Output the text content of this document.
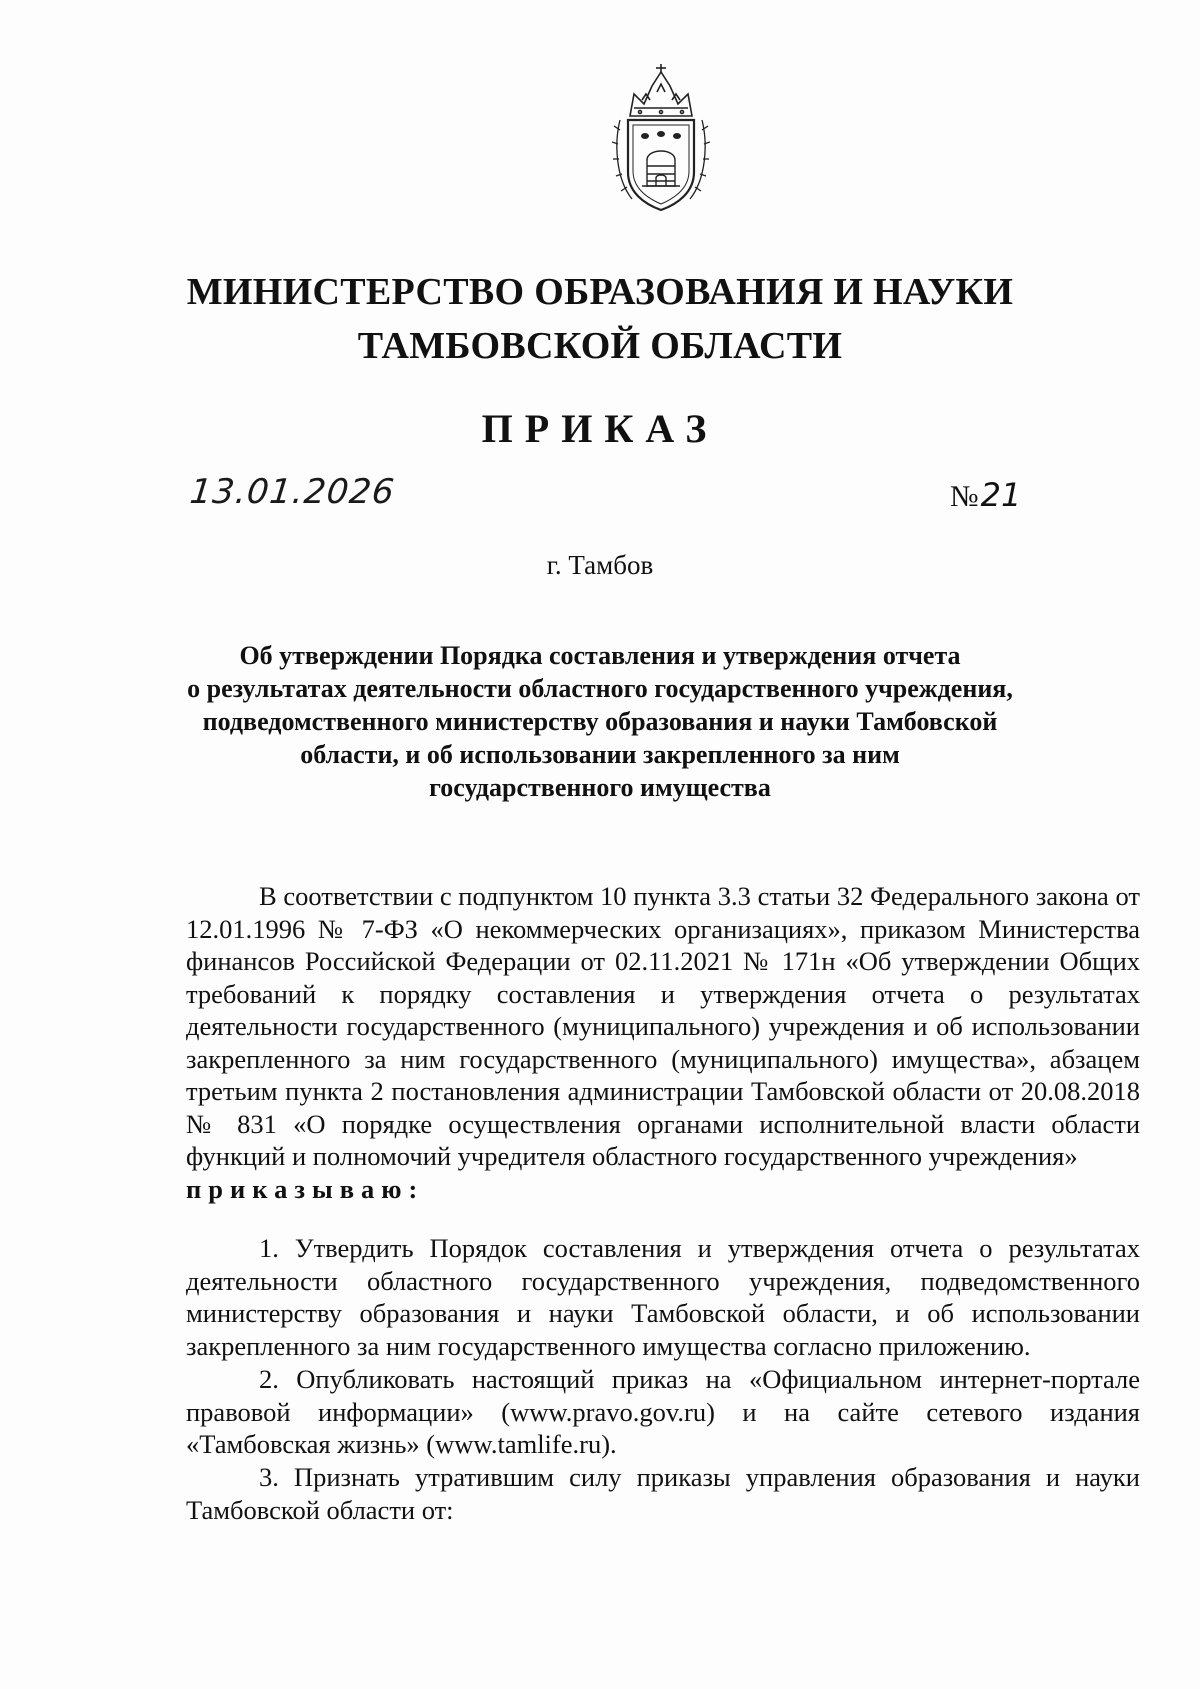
МИНИСТЕРСТВО ОБРАЗОВАНИЯ И НАУКИ
ТАМБОВСКОЙ ОБЛАСТИ
ПРИКАЗ
13.01.2026	№21
г. Тамбов
Об утверждении Порядка составления и утверждения отчета
о результатах деятельности областного государственного учреждения,
подведомственного министерству образования и науки Тамбовской
области, и об использовании закрепленного за ним
государственного имущества

В соответствии с подпунктом 10 пункта 3.3 статьи 32 Федерального закона от 12.01.1996 № 7-ФЗ «О некоммерческих организациях», приказом Министерства финансов Российской Федерации от 02.11.2021 № 171н «Об утверждении Общих требований к порядку составления и утверждения отчета о результатах деятельности государственного (муниципального) учреждения и об использовании закрепленного за ним государственного (муниципального) имущества», абзацем третьим пункта 2 постановления администрации Тамбовской области от 20.08.2018 № 831 «О порядке осуществления органами исполнительной власти области функций и полномочий учредителя областного государственного учреждения»

приказываю:

1. Утвердить Порядок составления и утверждения отчета о результатах деятельности областного государственного учреждения, подведомственного министерству образования и науки Тамбовской области, и об использовании закрепленного за ним государственного имущества согласно приложению.

2. Опубликовать настоящий приказ на «Официальном интернет-портале правовой информации» (www.pravo.gov.ru) и на сайте сетевого издания «Тамбовская жизнь» (www.tamlife.ru).

3. Признать утратившим силу приказы управления образования и науки Тамбовской области от:
